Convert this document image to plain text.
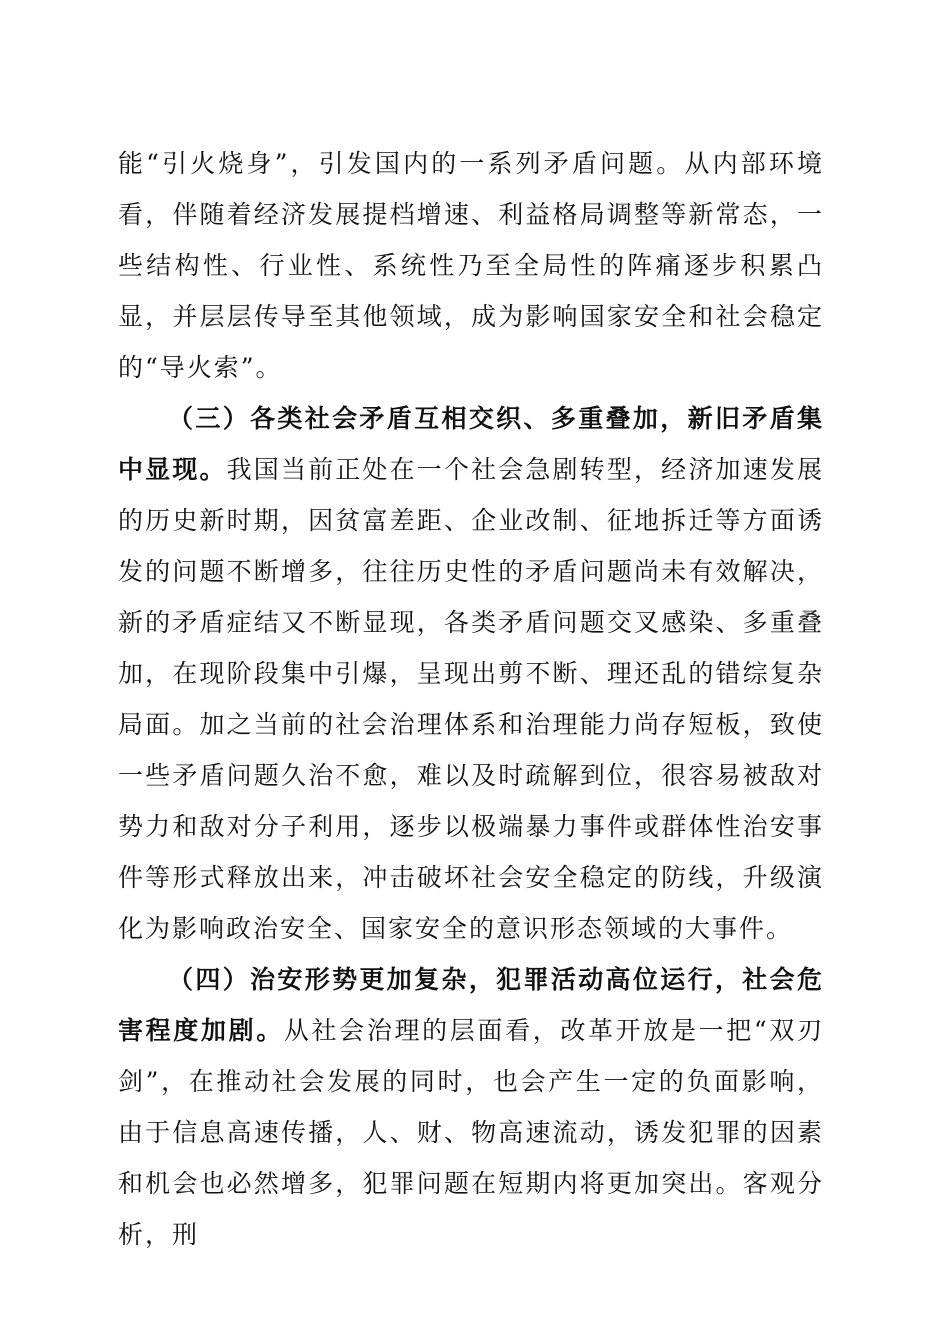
能“引火烧身”，引发国内的一系列矛盾问题。从内部环境看，伴随着经济发展提档增速、利益格局调整等新常态，一些结构性、行业性、系统性乃至全局性的阵痛逐步积累凸显，并层层传导至其他领域，成为影响国家安全和社会稳定的“导火索”。

（三）各类社会矛盾互相交织、多重叠加，新旧矛盾集中显现。我国当前正处在一个社会急剧转型，经济加速发展的历史新时期，因贫富差距、企业改制、征地拆迁等方面诱发的问题不断增多，往往历史性的矛盾问题尚未有效解决，新的矛盾症结又不断显现，各类矛盾问题交叉感染、多重叠加，在现阶段集中引爆，呈现出剪不断、理还乱的错综复杂局面。加之当前的社会治理体系和治理能力尚存短板，致使一些矛盾问题久治不愈，难以及时疏解到位，很容易被敌对势力和敌对分子利用，逐步以极端暴力事件或群体性治安事件等形式释放出来，冲击破坏社会安全稳定的防线，升级演化为影响政治安全、国家安全的意识形态领域的大事件。

（四）治安形势更加复杂，犯罪活动高位运行，社会危害程度加剧。从社会治理的层面看，改革开放是一把“双刃剑”，在推动社会发展的同时，也会产生一定的负面影响，由于信息高速传播，人、财、物高速流动，诱发犯罪的因素和机会也必然增多，犯罪问题在短期内将更加突出。客观分析，刑
